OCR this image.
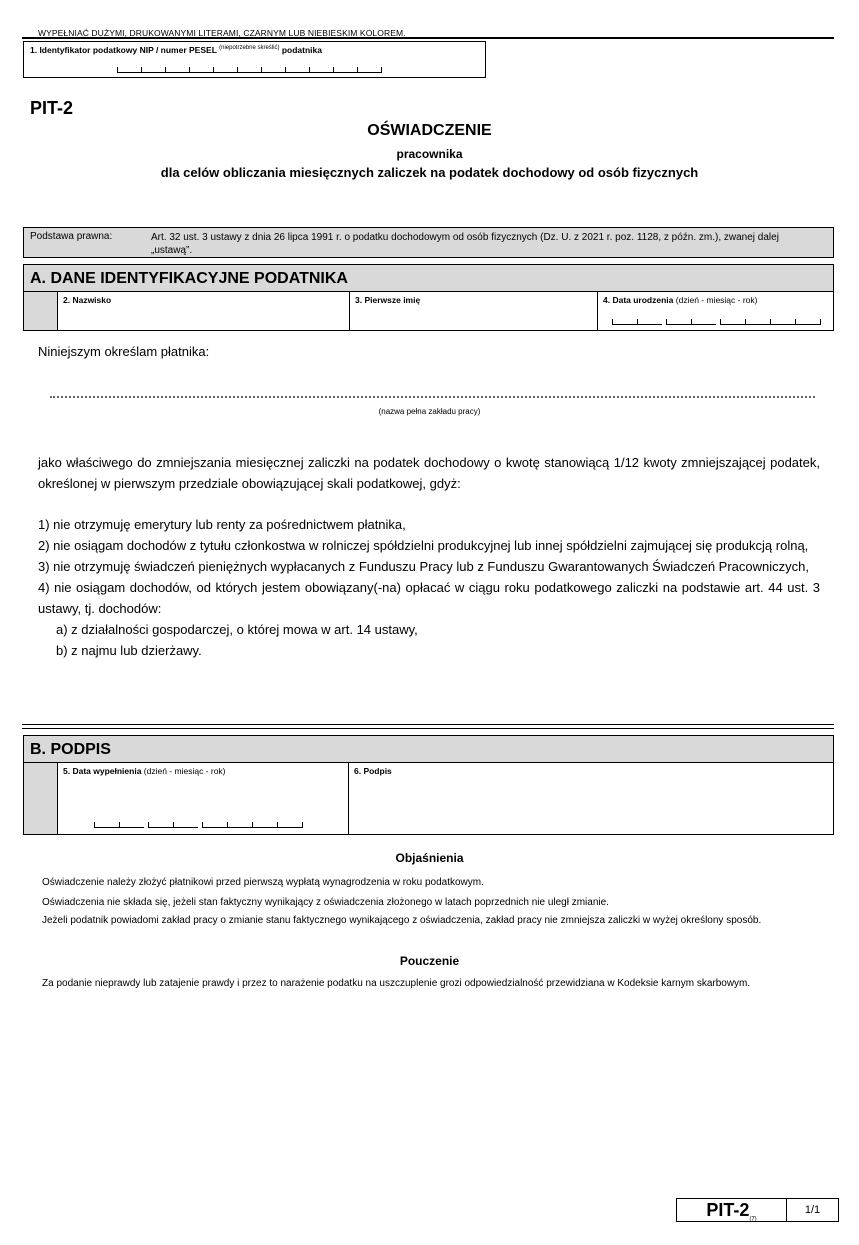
WYPEŁNIAĆ DUŻYMI, DRUKOWANYMI LITERAMI, CZARNYM LUB NIEBIESKIM KOLOREM.
1. Identyfikator podatkowy NIP / numer PESEL $^{(niepotrzebne skreślić)}$ podatnika
PIT-2
OŚWIADCZENIE
pracownika
dla celów obliczania miesięcznych zaliczek na podatek dochodowy od osób fizycznych
Podstawa prawna:	Art. 32 ust. 3 ustawy z dnia 26 lipca 1991 r. o podatku dochodowym od osób fizycznych (Dz. U. z 2021 r. poz. 1128, z późn. zm.), zwanej dalej „ustawą”.
A. DANE IDENTYFIKACYJNE PODATNIKA
2. Nazwisko	3. Pierwsze imię	4. Data urodzenia (dzień - miesiąc - rok)
Niniejszym określam płatnika:
(nazwa pełna zakładu pracy)
jako właściwego do zmniejszania miesięcznej zaliczki na podatek dochodowy o kwotę stanowiącą 1/12 kwoty zmniejszającej podatek, określonej w pierwszym przedziale obowiązującej skali podatkowej, gdyż:

1) nie otrzymuję emerytury lub renty za pośrednictwem płatnika,

2) nie osiągam dochodów z tytułu członkostwa w rolniczej spółdzielni produkcyjnej lub innej spółdzielni zajmującej się produkcją rolną,

3) nie otrzymuję świadczeń pieniężnych wypłacanych z Funduszu Pracy lub z Funduszu Gwarantowanych Świadczeń Pracowniczych,

4) nie osiągam dochodów, od których jestem obowiązany(-na) opłacać w ciągu roku podatkowego zaliczki na podstawie art. 44 ust. 3 ustawy, tj. dochodów:

a) z działalności gospodarczej, o której mowa w art. 14 ustawy,

b) z najmu lub dzierżawy.

B. PODPIS
5. Data wypełnienia (dzień - miesiąc - rok)	6. Podpis
Objaśnienia
Oświadczenie należy złożyć płatnikowi przed pierwszą wypłatą wynagrodzenia w roku podatkowym.
Oświadczenia nie składa się, jeżeli stan faktyczny wynikający z oświadczenia złożonego w latach poprzednich nie uległ zmianie.
Jeżeli podatnik powiadomi zakład pracy o zmianie stanu faktycznego wynikającego z oświadczenia, zakład pracy nie zmniejsza zaliczki w wyżej określony sposób.
Pouczenie
Za podanie nieprawdy lub zatajenie prawdy i przez to narażenie podatku na uszczuplenie grozi odpowiedzialność przewidziana w Kodeksie karnym skarbowym.
PIT-$2_{(7)}$
1/1
